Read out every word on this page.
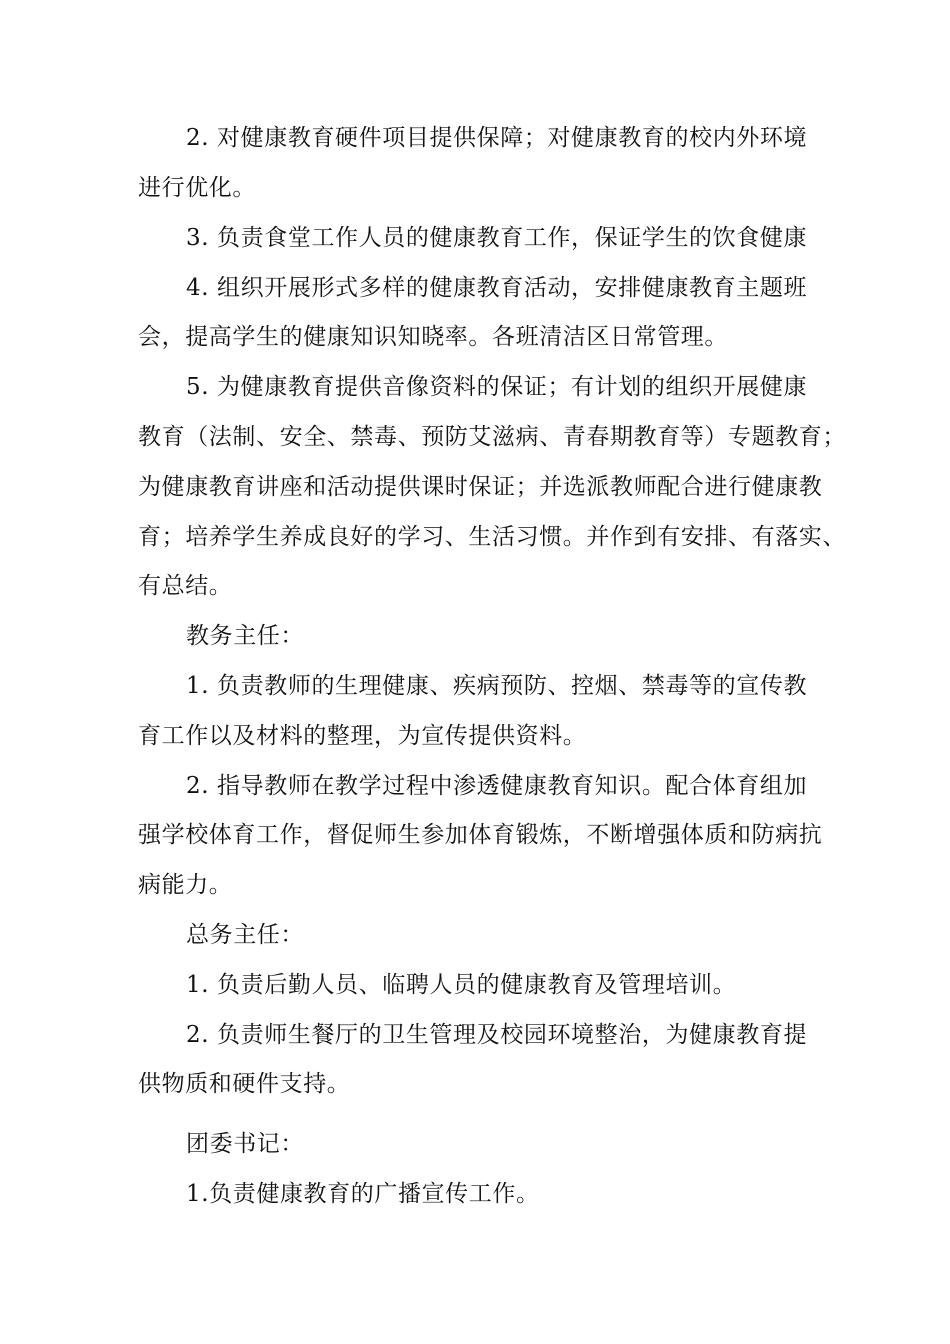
2. 对健康教育硬件项目提供保障；对健康教育的校内外环境
进行优化。
3. 负责食堂工作人员的健康教育工作，保证学生的饮食健康
4. 组织开展形式多样的健康教育活动，安排健康教育主题班
会，提高学生的健康知识知晓率。各班清洁区日常管理。
5. 为健康教育提供音像资料的保证；有计划的组织开展健康
教育（法制、安全、禁毒、预防艾滋病、青春期教育等）专题教育；
为健康教育讲座和活动提供课时保证；并选派教师配合进行健康教
育；培养学生养成良好的学习、生活习惯。并作到有安排、有落实、
有总结。
教务主任：
1. 负责教师的生理健康、疾病预防、控烟、禁毒等的宣传教
育工作以及材料的整理，为宣传提供资料。
2. 指导教师在教学过程中渗透健康教育知识。配合体育组加
强学校体育工作，督促师生参加体育锻炼，不断增强体质和防病抗
病能力。
总务主任：
1. 负责后勤人员、临聘人员的健康教育及管理培训。
2. 负责师生餐厅的卫生管理及校园环境整治，为健康教育提
供物质和硬件支持。
团委书记：
1.负责健康教育的广播宣传工作。
